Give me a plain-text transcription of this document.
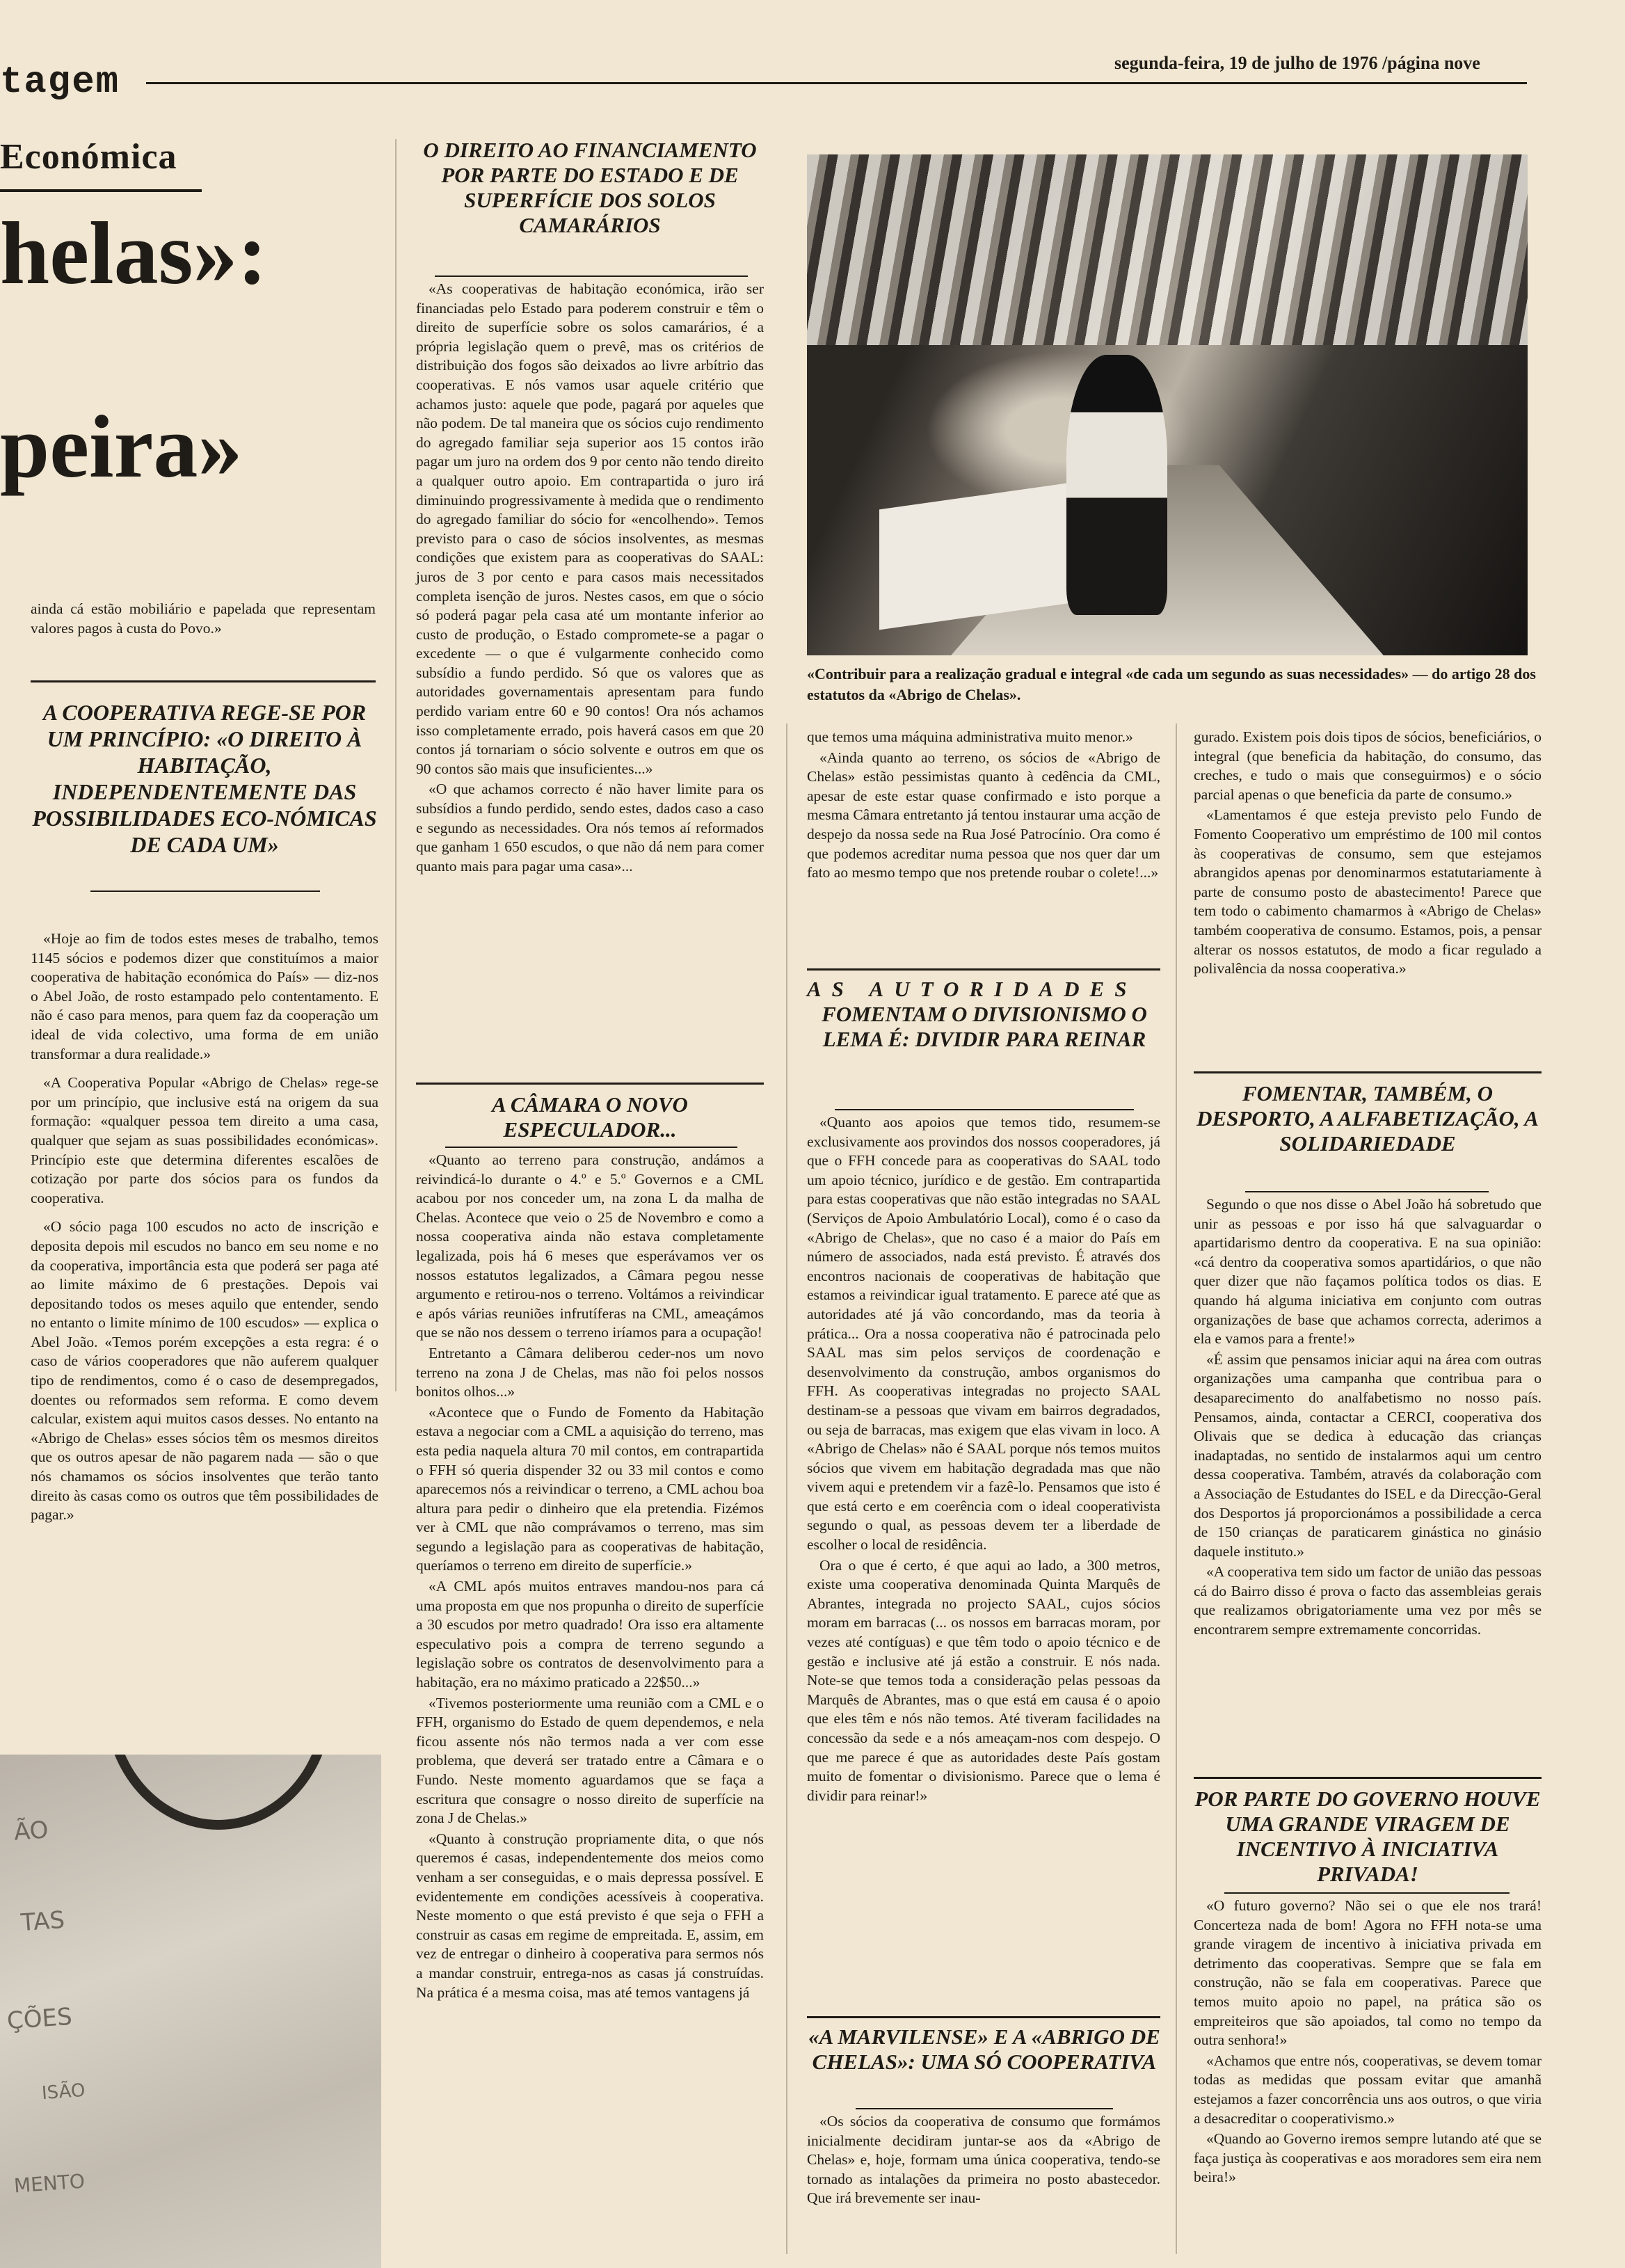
tagem	segunda-feira, 19 de julho de 1976 /página nove
Económica
helas»:
peira»

ainda cá estão mobiliário e papelada que representam valores pagos à custa do Povo.»

A COOPERATIVA REGE-SE POR UM PRINCÍPIO: «O DIREITO À HABITAÇÃO, INDEPENDENTEMENTE DAS POSSIBILIDADES ECO-NÓMICAS DE CADA UM»

«Hoje ao fim de todos estes meses de trabalho, temos 1145 sócios e podemos dizer que constituímos a maior cooperativa de habitação económica do País» — diz-nos o Abel João, de rosto estampado pelo contentamento. E não é caso para menos, para quem faz da cooperação um ideal de vida colectivo, uma forma de em união transformar a dura realidade.»

«A Cooperativa Popular «Abrigo de Chelas» rege-se por um princípio, que inclusive está na origem da sua formação: «qualquer pessoa tem direito a uma casa, qualquer que sejam as suas possibilidades económicas». Princípio este que determina diferentes escalões de cotização por parte dos sócios para os fundos da cooperativa.

«O sócio paga 100 escudos no acto de inscrição e deposita depois mil escudos no banco em seu nome e no da cooperativa, importância esta que poderá ser paga até ao limite máximo de 6 prestações. Depois vai depositando todos os meses aquilo que entender, sendo no entanto o limite mínimo de 100 escudos» — explica o Abel João. «Temos porém excepções a esta regra: é o caso de vários cooperadores que não auferem qualquer tipo de rendimentos, como é o caso de desempregados, doentes ou reformados sem reforma. E como devem calcular, existem aqui muitos casos desses. No entanto na «Abrigo de Chelas» esses sócios têm os mesmos direitos que os outros apesar de não pagarem nada — são o que nós chamamos os sócios insolventes que terão tanto direito às casas como os outros que têm possibilidades de pagar.»

ÃO
TAS
ÇÕES
ISÃO
MENTO

O DIREITO AO FINANCIAMENTO POR PARTE DO ESTADO E DE SUPERFÍCIE DOS SOLOS CAMARÁRIOS

«As cooperativas de habitação económica, irão ser financiadas pelo Estado para poderem construir e têm o direito de superfície sobre os solos camarários, é a própria legislação quem o prevê, mas os critérios de distribuição dos fogos são deixados ao livre arbítrio das cooperativas. E nós vamos usar aquele critério que achamos justo: aquele que pode, pagará por aqueles que não podem. De tal maneira que os sócios cujo rendimento do agregado familiar seja superior aos 15 contos irão pagar um juro na ordem dos 9 por cento não tendo direito a qualquer outro apoio. Em contrapartida o juro irá diminuindo progressivamente à medida que o rendimento do agregado familiar do sócio for «encolhendo». Temos previsto para o caso de sócios insolventes, as mesmas condições que existem para as cooperativas do SAAL: juros de 3 por cento e para casos mais necessitados completa isenção de juros. Nestes casos, em que o sócio só poderá pagar pela casa até um montante inferior ao custo de produção, o Estado compromete-se a pagar o excedente — o que é vulgarmente conhecido como subsídio a fundo perdido. Só que os valores que as autoridades governamentais apresentam para fundo perdido variam entre 60 e 90 contos! Ora nós achamos isso completamente errado, pois haverá casos em que 20 contos já tornariam o sócio solvente e outros em que os 90 contos são mais que insuficientes...»

«O que achamos correcto é não haver limite para os subsídios a fundo perdido, sendo estes, dados caso a caso e segundo as necessidades. Ora nós temos aí reformados que ganham 1 650 escudos, o que não dá nem para comer quanto mais para pagar uma casa»...

A CÂMARA O NOVO ESPECULADOR...

«Quanto ao terreno para construção, andámos a reivindicá-lo durante o 4.º e 5.º Governos e a CML acabou por nos conceder um, na zona L da malha de Chelas. Acontece que veio o 25 de Novembro e como a nossa cooperativa ainda não estava completamente legalizada, pois há 6 meses que esperávamos ver os nossos estatutos legalizados, a Câmara pegou nesse argumento e retirou-nos o terreno. Voltámos a reivindicar e após várias reuniões infrutíferas na CML, ameaçámos que se não nos dessem o terreno iríamos para a ocupação!

Entretanto a Câmara deliberou ceder-nos um novo terreno na zona J de Chelas, mas não foi pelos nossos bonitos olhos...»

«Acontece que o Fundo de Fomento da Habitação estava a negociar com a CML a aquisição do terreno, mas esta pedia naquela altura 70 mil contos, em contrapartida o FFH só queria dispender 32 ou 33 mil contos e como aparecemos nós a reivindicar o terreno, a CML achou boa altura para pedir o dinheiro que ela pretendia. Fizémos ver à CML que não comprávamos o terreno, mas sim segundo a legislação para as cooperativas de habitação, queríamos o terreno em direito de superfície.»

«A CML após muitos entraves mandou-nos para cá uma proposta em que nos propunha o direito de superfície a 30 escudos por metro quadrado! Ora isso era altamente especulativo pois a compra de terreno segundo a legislação sobre os contratos de desenvolvimento para a habitação, era no máximo praticado a 22$50...»

«Tivemos posteriormente uma reunião com a CML e o FFH, organismo do Estado de quem dependemos, e nela ficou assente nós não termos nada a ver com esse problema, que deverá ser tratado entre a Câmara e o Fundo. Neste momento aguardamos que se faça a escritura que consagre o nosso direito de superfície na zona J de Chelas.»

«Quanto à construção propriamente dita, o que nós queremos é casas, independentemente dos meios como venham a ser conseguidas, e o mais depressa possível. E evidentemente em condições acessíveis à cooperativa. Neste momento o que está previsto é que seja o FFH a construir as casas em regime de empreitada. E, assim, em vez de entregar o dinheiro à cooperativa para sermos nós a mandar construir, entrega-nos as casas já construídas. Na prática é a mesma coisa, mas até temos vantagens já

«Contribuir para a realização gradual e integral «de cada um segundo as suas necessidades» — do artigo 28 dos estatutos da «Abrigo de Chelas».

que temos uma máquina administrativa muito menor.»

«Ainda quanto ao terreno, os sócios de «Abrigo de Chelas» estão pessimistas quanto à cedência da CML, apesar de este estar quase confirmado e isto porque a mesma Câmara entretanto já tentou instaurar uma acção de despejo da nossa sede na Rua José Patrocínio. Ora como é que podemos acreditar numa pessoa que nos quer dar um fato ao mesmo tempo que nos pretende roubar o colete!...»

AS AUTORIDADES

FOMENTAM O DIVISIONISMO O LEMA É: DIVIDIR PARA REINAR

«Quanto aos apoios que temos tido, resumem-se exclusivamente aos provindos dos nossos cooperadores, já que o FFH concede para as cooperativas do SAAL todo um apoio técnico, jurídico e de gestão. Em contrapartida para estas cooperativas que não estão integradas no SAAL (Serviços de Apoio Ambulatório Local), como é o caso da «Abrigo de Chelas», que no caso é a maior do País em número de associados, nada está previsto. É através dos encontros nacionais de cooperativas de habitação que estamos a reivindicar igual tratamento. E parece até que as autoridades até já vão concordando, mas da teoria à prática... Ora a nossa cooperativa não é patrocinada pelo SAAL mas sim pelos serviços de coordenação e desenvolvimento da construção, ambos organismos do FFH. As cooperativas integradas no projecto SAAL destinam-se a pessoas que vivam em bairros degradados, ou seja de barracas, mas exigem que elas vivam in loco. A «Abrigo de Chelas» não é SAAL porque nós temos muitos sócios que vivem em habitação degradada mas que não vivem aqui e pretendem vir a fazê-lo. Pensamos que isto é que está certo e em coerência com o ideal cooperativista segundo o qual, as pessoas devem ter a liberdade de escolher o local de residência.

Ora o que é certo, é que aqui ao lado, a 300 metros, existe uma cooperativa denominada Quinta Marquês de Abrantes, integrada no projecto SAAL, cujos sócios moram em barracas (... os nossos em barracas moram, por vezes até contíguas) e que têm todo o apoio técnico e de gestão e inclusive até já estão a construir. E nós nada. Note-se que temos toda a consideração pelas pessoas da Marquês de Abrantes, mas o que está em causa é o apoio que eles têm e nós não temos. Até tiveram facilidades na concessão da sede e a nós ameaçam-nos com despejo. O que me parece é que as autoridades deste País gostam muito de fomentar o divisionismo. Parece que o lema é dividir para reinar!»

«A MARVILENSE» E A «ABRIGO DE CHELAS»: UMA SÓ COOPERATIVA

«Os sócios da cooperativa de consumo que formámos inicialmente decidiram juntar-se aos da «Abrigo de Chelas» e, hoje, formam uma única cooperativa, tendo-se tornado as intalações da primeira no posto abastecedor. Que irá brevemente ser inau-

gurado. Existem pois dois tipos de sócios, beneficiários, o integral (que beneficia da habitação, do consumo, das creches, e tudo o mais que conseguirmos) e o sócio parcial apenas o que beneficia da parte de consumo.»

«Lamentamos é que esteja previsto pelo Fundo de Fomento Cooperativo um empréstimo de 100 mil contos às cooperativas de consumo, sem que estejamos abrangidos apenas por denominarmos estatutariamente à parte de consumo posto de abastecimento! Parece que tem todo o cabimento chamarmos à «Abrigo de Chelas» também cooperativa de consumo. Estamos, pois, a pensar alterar os nossos estatutos, de modo a ficar regulado a polivalência da nossa cooperativa.»

FOMENTAR, TAMBÉM, O DESPORTO, A ALFABETIZAÇÃO, A SOLIDARIEDADE

Segundo o que nos disse o Abel João há sobretudo que unir as pessoas e por isso há que salvaguardar o apartidarismo dentro da cooperativa. E na sua opinião: «cá dentro da cooperativa somos apartidários, o que não quer dizer que não façamos política todos os dias. E quando há alguma iniciativa em conjunto com outras organizações de base que achamos correcta, aderimos a ela e vamos para a frente!»

«É assim que pensamos iniciar aqui na área com outras organizações uma campanha que contribua para o desaparecimento do analfabetismo no nosso país. Pensamos, ainda, contactar a CERCI, cooperativa dos Olivais que se dedica à educação das crianças inadaptadas, no sentido de instalarmos aqui um centro dessa cooperativa. Também, através da colaboração com a Associação de Estudantes do ISEL e da Direcção-Geral dos Desportos já proporcionámos a possibilidade a cerca de 150 crianças de paraticarem ginástica no ginásio daquele instituto.»

«A cooperativa tem sido um factor de união das pessoas cá do Bairro disso é prova o facto das assembleias gerais que realizamos obrigatoriamente uma vez por mês se encontrarem sempre extremamente concorridas.

POR PARTE DO GOVERNO HOUVE UMA GRANDE VIRAGEM DE INCENTIVO À INICIATIVA PRIVADA!

«O futuro governo? Não sei o que ele nos trará! Concerteza nada de bom! Agora no FFH nota-se uma grande viragem de incentivo à iniciativa privada em detrimento das cooperativas. Sempre que se fala em construção, não se fala em cooperativas. Parece que temos muito apoio no papel, na prática são os empreiteiros que são apoiados, tal como no tempo da outra senhora!»

«Achamos que entre nós, cooperativas, se devem tomar todas as medidas que possam evitar que amanhã estejamos a fazer concorrência uns aos outros, o que viria a desacreditar o cooperativismo.»

«Quando ao Governo iremos sempre lutando até que se faça justiça às cooperativas e aos moradores sem eira nem beira!»
